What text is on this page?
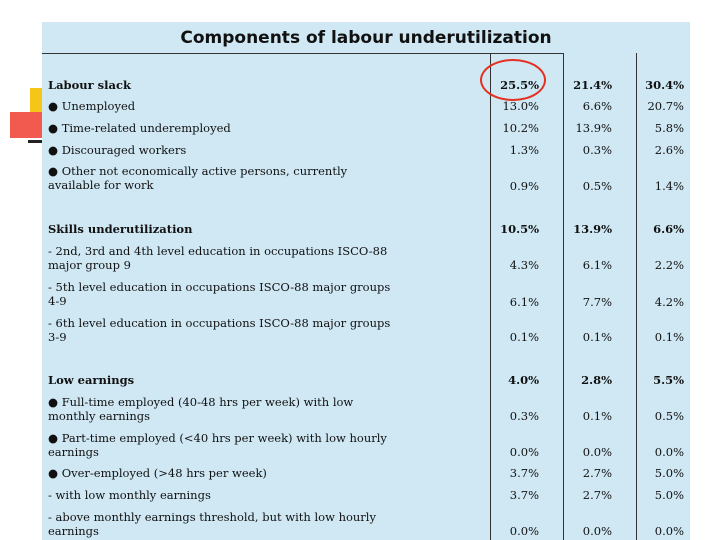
Components of labour underutilization
Labour slack	25.5%	21.4%	30.4%
● Unemployed	13.0%	6.6%	20.7%
● Time-related underemployed	10.2%	13.9%	5.8%
● Discouraged workers	1.3%	0.3%	2.6%
● Other not economically active persons, currently available for work	0.9%	0.5%	1.4%
Skills underutilization	10.5%	13.9%	6.6%
- 2nd, 3rd and 4th level education in occupations ISCO-88 major group 9	4.3%	6.1%	2.2%
- 5th level education in occupations ISCO-88 major groups 4-9	6.1%	7.7%	4.2%
- 6th level education in occupations ISCO-88 major groups 3-9	0.1%	0.1%	0.1%
Low earnings	4.0%	2.8%	5.5%
● Full-time employed (40-48 hrs per week) with low monthly earnings	0.3%	0.1%	0.5%
● Part-time employed (<40 hrs per week) with low hourly earnings	0.0%	0.0%	0.0%
● Over-employed (>48 hrs per week)	3.7%	2.7%	5.0%
- with low monthly earnings	3.7%	2.7%	5.0%
- above monthly earnings threshold, but with low hourly earnings	0.0%	0.0%	0.0%
